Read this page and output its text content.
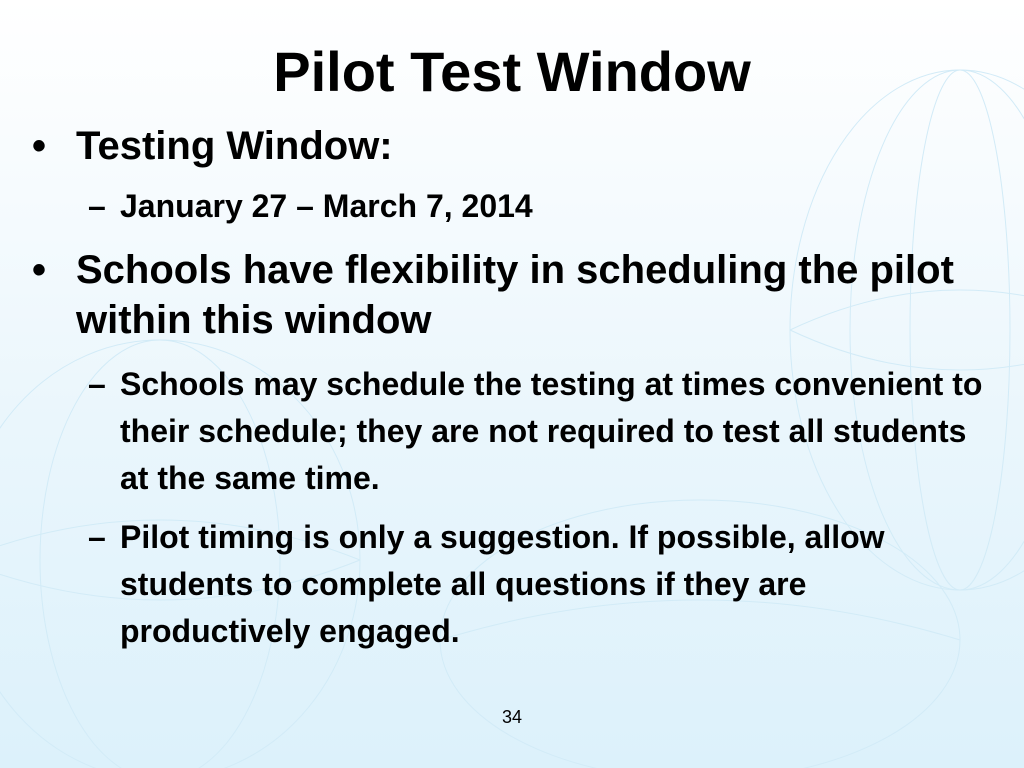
Pilot Test Window
• Testing Window:
– January 27 – March 7, 2014
• Schools have flexibility in scheduling the pilot within this window
– Schools may schedule the testing at times convenient to their schedule; they are not required to test all students at the same time.
– Pilot timing is only a suggestion. If possible, allow students to complete all questions if they are productively engaged.
34
